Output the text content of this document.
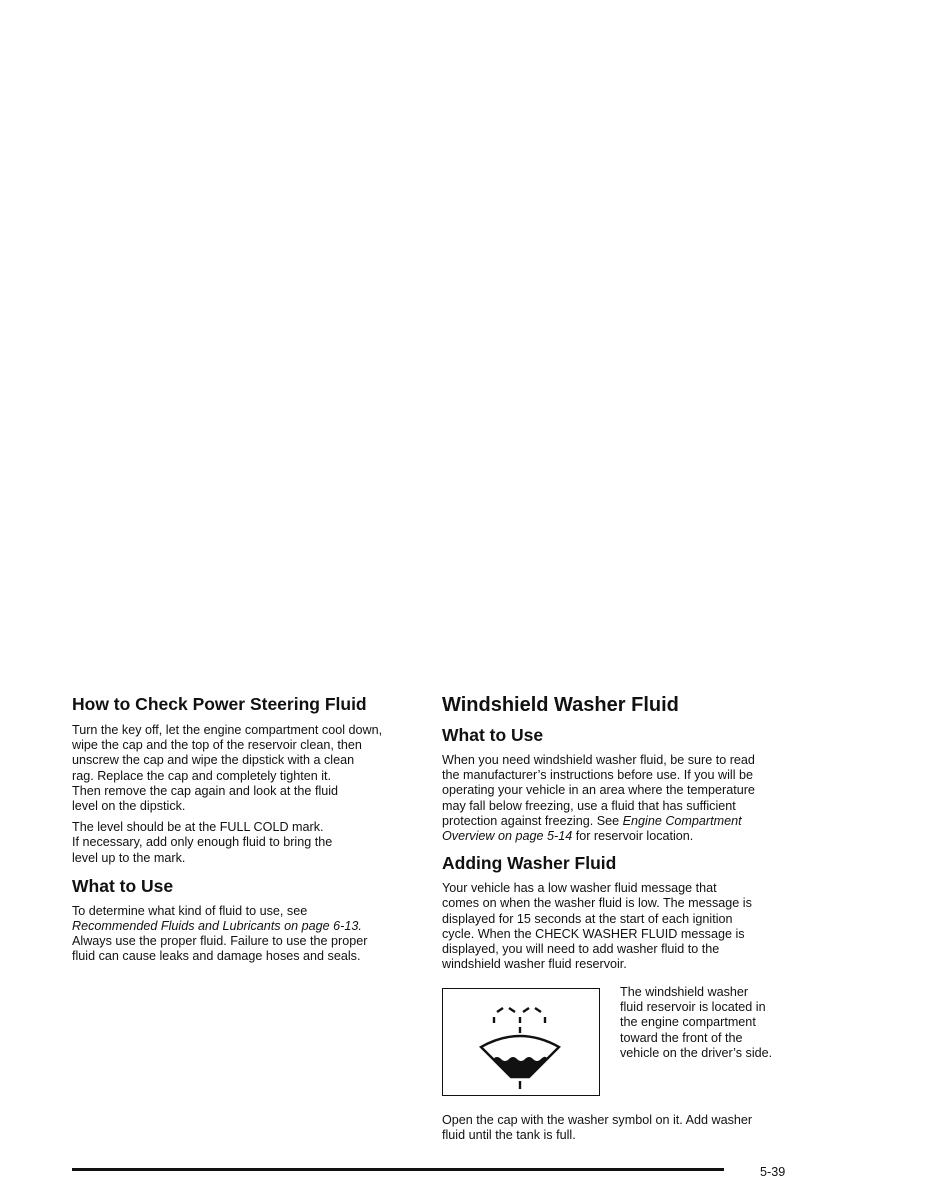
How to Check Power Steering Fluid

Turn the key off, let the engine compartment cool down,
wipe the cap and the top of the reservoir clean, then
unscrew the cap and wipe the dipstick with a clean
rag. Replace the cap and completely tighten it.
Then remove the cap again and look at the fluid
level on the dipstick.

The level should be at the FULL COLD mark.
If necessary, add only enough fluid to bring the
level up to the mark.

What to Use

To determine what kind of fluid to use, see
Recommended Fluids and Lubricants on page 6-13.
Always use the proper fluid. Failure to use the proper
fluid can cause leaks and damage hoses and seals.

Windshield Washer Fluid
What to Use

When you need windshield washer fluid, be sure to read
the manufacturer’s instructions before use. If you will be
operating your vehicle in an area where the temperature
may fall below freezing, use a fluid that has sufficient
protection against freezing. See Engine Compartment
Overview on page 5-14 for reservoir location.

Adding Washer Fluid

Your vehicle has a low washer fluid message that
comes on when the washer fluid is low. The message is
displayed for 15 seconds at the start of each ignition
cycle. When the CHECK WASHER FLUID message is
displayed, you will need to add washer fluid to the
windshield washer fluid reservoir.

The windshield washer
fluid reservoir is located in
the engine compartment
toward the front of the
vehicle on the driver’s side.

Open the cap with the washer symbol on it. Add washer
fluid until the tank is full.

5-39
